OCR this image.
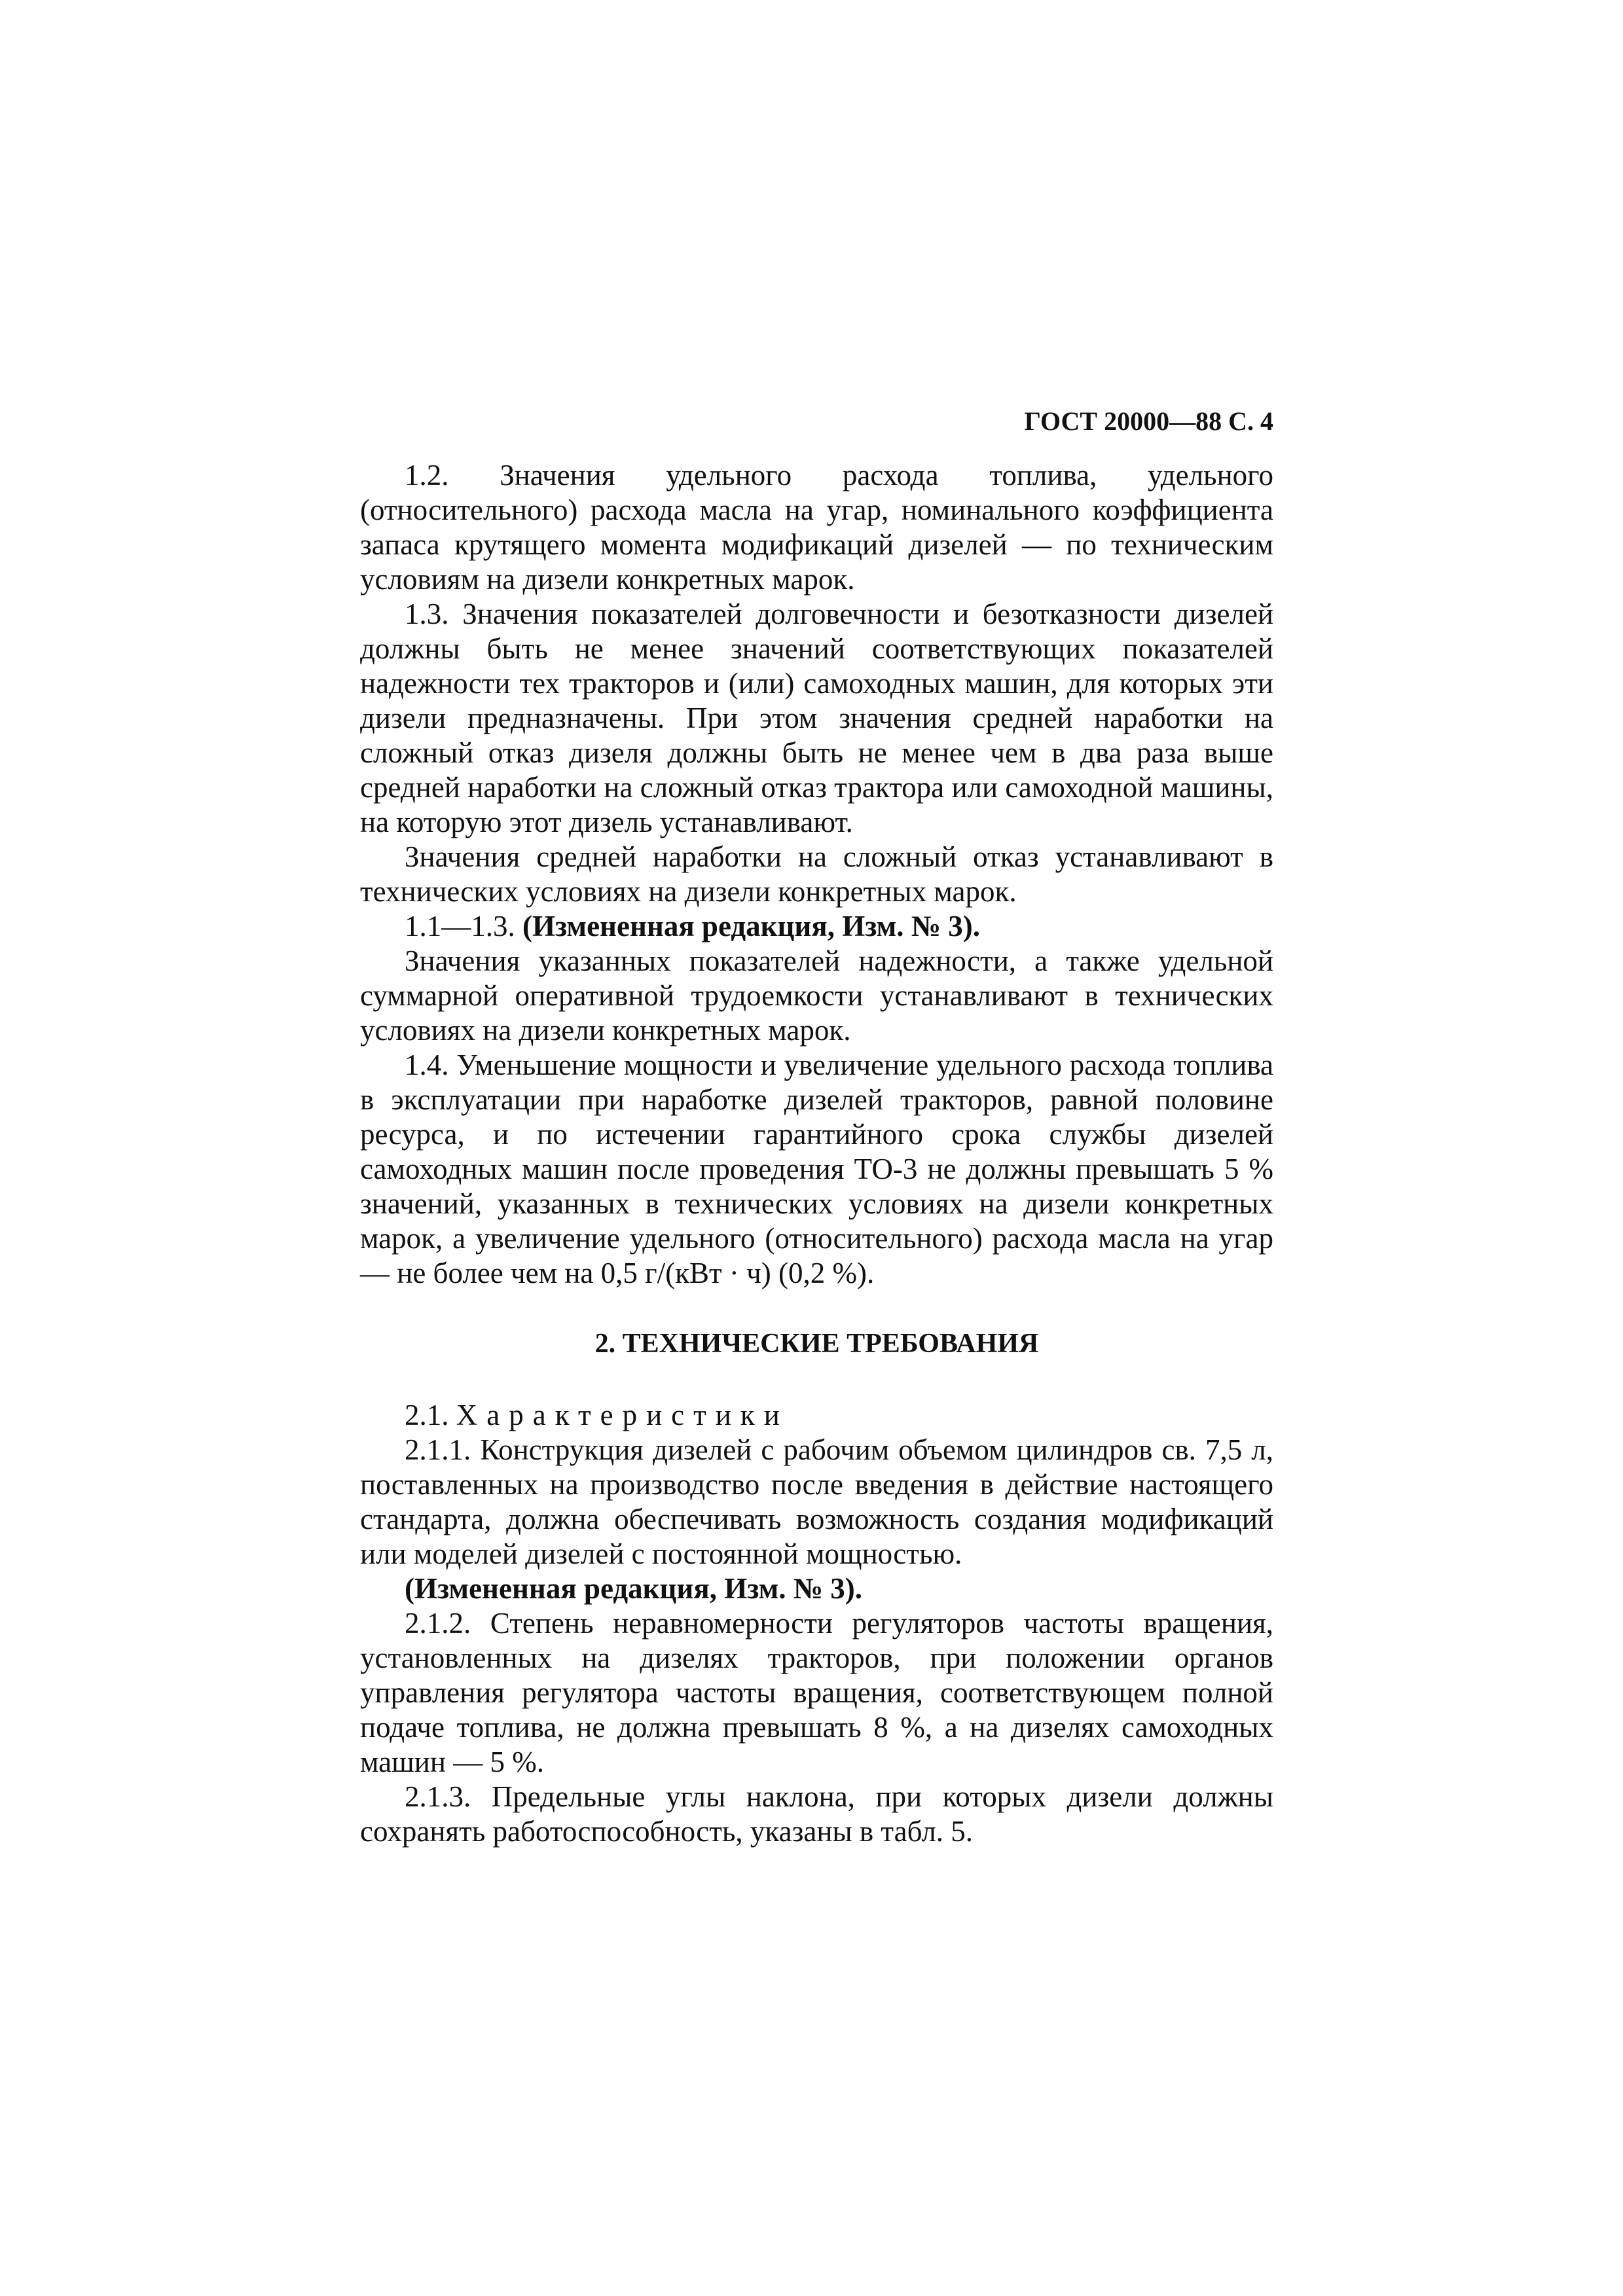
ГОСТ 20000—88 С. 4

1.2. Значения удельного расхода топлива, удельного (относительного) расхода масла на угар, номинального коэффициента запаса крутящего момента модификаций дизелей — по техническим условиям на дизели конкретных марок.

1.3. Значения показателей долговечности и безотказности дизелей должны быть не менее значений соответствующих показателей надежности тех тракторов и (или) самоходных машин, для которых эти дизели предназначены. При этом значения средней наработки на сложный отказ дизеля должны быть не менее чем в два раза выше средней наработки на сложный отказ трактора или самоходной машины, на которую этот дизель устанавливают.

Значения средней наработки на сложный отказ устанавливают в технических условиях на дизели конкретных марок.

1.1—1.3. (Измененная редакция, Изм. № 3).

Значения указанных показателей надежности, а также удельной суммарной оперативной трудоемкости устанавливают в технических условиях на дизели конкретных марок.

1.4. Уменьшение мощности и увеличение удельного расхода топлива в эксплуатации при наработке дизелей тракторов, равной половине ресурса, и по истечении гарантийного срока службы дизелей самоходных машин после проведения ТО-3 не должны превышать 5 % значений, указанных в технических условиях на дизели конкретных марок, а увеличение удельного (относительного) расхода масла на угар — не более чем на 0,5 г/(кВт · ч) (0,2 %).

2. ТЕХНИЧЕСКИЕ ТРЕБОВАНИЯ

2.1. Характеристики

2.1.1. Конструкция дизелей с рабочим объемом цилиндров св. 7,5 л, поставленных на производство после введения в действие настоящего стандарта, должна обеспечивать возможность создания модификаций или моделей дизелей с постоянной мощностью.

(Измененная редакция, Изм. № 3).

2.1.2. Степень неравномерности регуляторов частоты вращения, установленных на дизелях тракторов, при положении органов управления регулятора частоты вращения, соответствующем полной подаче топлива, не должна превышать 8 %, а на дизелях самоходных машин — 5 %.

2.1.3. Предельные углы наклона, при которых дизели должны сохранять работоспособность, указаны в табл. 5.
